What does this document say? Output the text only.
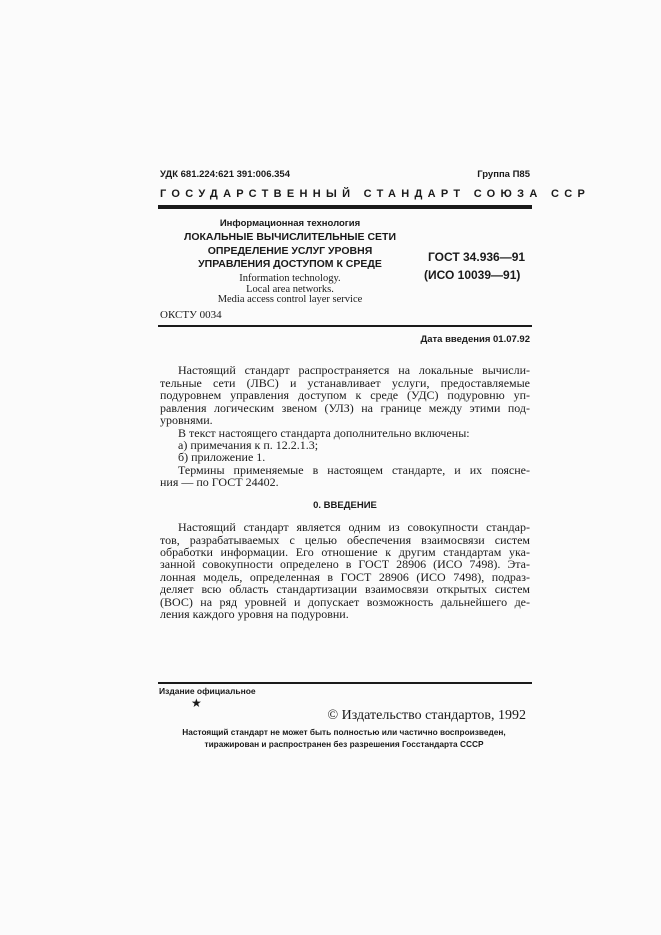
УДК 681.224:621 391:006.354	Группа П85
ГОСУДАРСТВЕННЫЙ СТАНДАРТ СОЮЗА ССР
Информационная технология
ЛОКАЛЬНЫЕ ВЫЧИСЛИТЕЛЬНЫЕ СЕТИ
ОПРЕДЕЛЕНИЕ УСЛУГ УРОВНЯ
УПРАВЛЕНИЯ ДОСТУПОМ К СРЕДЕ
Information technology.
Local area networks.
Media access control layer service
ГОСТ 34.936—91
(ИСО 10039—91)
ОКСТУ 0034
Дата введения 01.07.92
Настоящий стандарт распространяется на локальные вычисли-
тельные сети (ЛВС) и устанавливает услуги, предоставляемые
подуровнем управления доступом к среде (УДС) подуровню уп-
равления логическим звеном (УЛЗ) на границе между этими под-
уровнями.
В текст настоящего стандарта дополнительно включены:
а) примечания к п. 12.2.1.3;
б) приложение 1.
Термины применяемые в настоящем стандарте, и их поясне-
ния — по ГОСТ 24402.
0. ВВЕДЕНИЕ
Настоящий стандарт является одним из совокупности стандар-
тов, разрабатываемых с целью обеспечения взаимосвязи систем
обработки информации. Его отношение к другим стандартам ука-
занной совокупности определено в ГОСТ 28906 (ИСО 7498). Эта-
лонная модель, определенная в ГОСТ 28906 (ИСО 7498), подраз-
деляет всю область стандартизации взаимосвязи открытых систем
(ВОС) на ряд уровней и допускает возможность дальнейшего де-
ления каждого уровня на подуровни.
Издание официальное
★
© Издательство стандартов, 1992
Настоящий стандарт не может быть полностью или частично воспроизведен,
тиражирован и распространен без разрешения Госстандарта СССР
